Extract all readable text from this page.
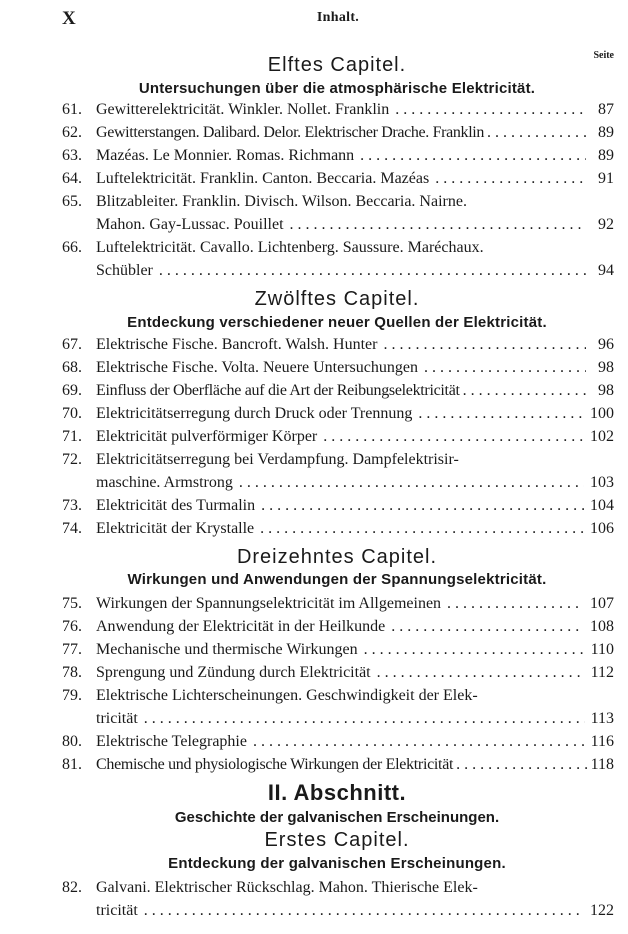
X	Inhalt.
Seite
Elftes Capitel.
Untersuchungen über die atmosphärische Elektricität.
61. Gewitterelektricität. Winkler. Nollet. Franklin . . .	87
62. Gewitterstangen. Dalibard. Delor. Elektrischer Drache. Franklin . . .	89
63. Mazéas. Le Monnier. Romas. Richmann . . .	89
64. Luftelektricität. Franklin. Canton. Beccaria. Mazéas . . .	91
65. Blitzableiter. Franklin. Divisch. Wilson. Beccaria. Nairne.
Mahon. Gay-Lussac. Pouillet . . .	92
66. Luftelektricität. Cavallo. Lichtenberg. Saussure. Maréchaux.
Schübler . . .	94
Zwölftes Capitel.
Entdeckung verschiedener neuer Quellen der Elektricität.
67. Elektrische Fische. Bancroft. Walsh. Hunter . . .	96
68. Elektrische Fische. Volta. Neuere Untersuchungen . . .	98
69. Einfluss der Oberfläche auf die Art der Reibungselektricität . . .	98
70. Elektricitätserregung durch Druck oder Trennung . . .	100
71. Elektricität pulverförmiger Körper . . .	102
72. Elektricitätserregung bei Verdampfung. Dampfelektrisir-
maschine. Armstrong . . .	103
73. Elektricität des Turmalin . . .	104
74. Elektricität der Krystalle . . .	106
Dreizehntes Capitel.
Wirkungen und Anwendungen der Spannungselektricität.
75. Wirkungen der Spannungselektricität im Allgemeinen . . .	107
76. Anwendung der Elektricität in der Heilkunde . . .	108
77. Mechanische und thermische Wirkungen . . .	110
78. Sprengung und Zündung durch Elektricität . . .	112
79. Elektrische Lichterscheinungen. Geschwindigkeit der Elek-
tricität . . .	113
80. Elektrische Telegraphie . . .	116
81. Chemische und physiologische Wirkungen der Elektricität . . .	118
II. Abschnitt.
Geschichte der galvanischen Erscheinungen.
Erstes Capitel.
Entdeckung der galvanischen Erscheinungen.
82. Galvani. Elektrischer Rückschlag. Mahon. Thierische Elek-
tricität . . .	122
